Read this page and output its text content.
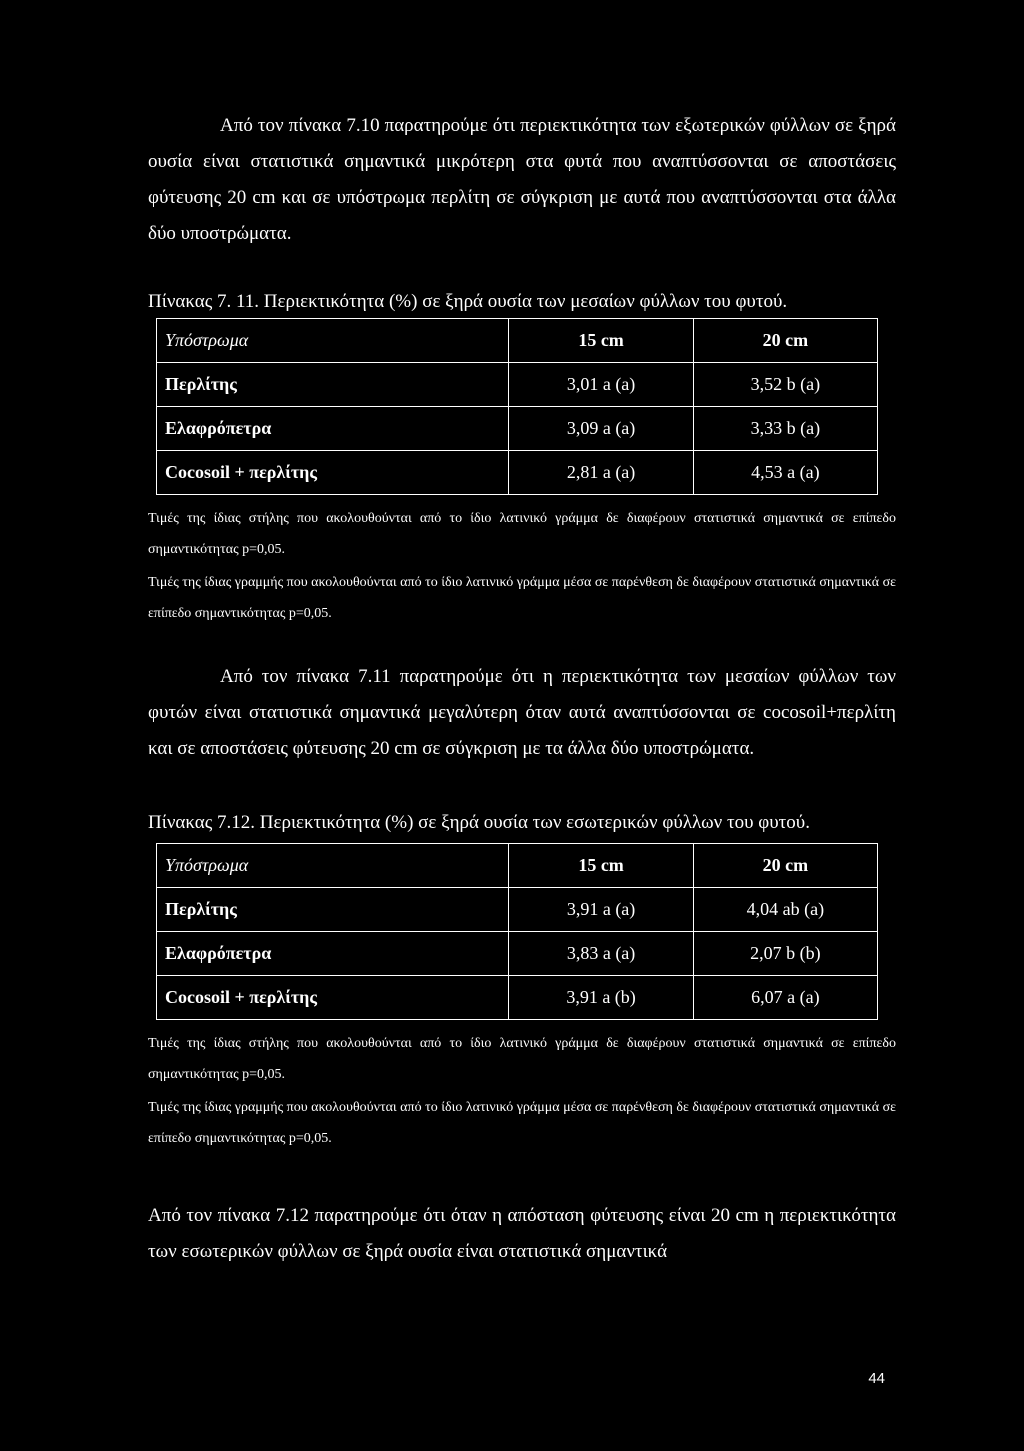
Από τον πίνακα 7.10 παρατηρούμε ότι περιεκτικότητα των εξωτερικών φύλλων σε ξηρά ουσία είναι στατιστικά σημαντικά μικρότερη στα φυτά που αναπτύσσονται σε αποστάσεις φύτευσης 20 cm και σε υπόστρωμα περλίτη σε σύγκριση με αυτά που αναπτύσσονται στα άλλα δύο υποστρώματα.

Πίνακας 7. 11. Περιεκτικότητα (%) σε ξηρά ουσία των μεσαίων φύλλων του φυτού.

Υπόστρωμα	15 cm	20 cm
Περλίτης	3,01 a (a)	3,52 b (a)
Ελαφρόπετρα	3,09 a (a)	3,33 b (a)
Cocosoil + περλίτης	2,81 a (a)	4,53 a (a)

Τιμές της ίδιας στήλης που ακολουθούνται από το ίδιο λατινικό γράμμα δε διαφέρουν στατιστικά σημαντικά σε επίπεδο σημαντικότητας p=0,05.

Τιμές της ίδιας γραμμής που ακολουθούνται από το ίδιο λατινικό γράμμα μέσα σε παρένθεση δε διαφέρουν στατιστικά σημαντικά σε επίπεδο σημαντικότητας p=0,05.

Από τον πίνακα 7.11 παρατηρούμε ότι η περιεκτικότητα των μεσαίων φύλλων των φυτών είναι στατιστικά σημαντικά μεγαλύτερη όταν αυτά αναπτύσσονται σε cocosoil+περλίτη και σε αποστάσεις φύτευσης 20 cm σε σύγκριση με τα άλλα δύο υποστρώματα.

Πίνακας 7.12. Περιεκτικότητα (%) σε ξηρά ουσία των εσωτερικών φύλλων του φυτού.

Υπόστρωμα	15 cm	20 cm
Περλίτης	3,91 a (a)	4,04 ab (a)
Ελαφρόπετρα	3,83 a (a)	2,07 b (b)
Cocosoil + περλίτης	3,91 a (b)	6,07 a (a)

Τιμές της ίδιας στήλης που ακολουθούνται από το ίδιο λατινικό γράμμα δε διαφέρουν στατιστικά σημαντικά σε επίπεδο σημαντικότητας p=0,05.

Τιμές της ίδιας γραμμής που ακολουθούνται από το ίδιο λατινικό γράμμα μέσα σε παρένθεση δε διαφέρουν στατιστικά σημαντικά σε επίπεδο σημαντικότητας p=0,05.

Από τον πίνακα 7.12 παρατηρούμε ότι όταν η απόσταση φύτευσης είναι 20 cm η περιεκτικότητα των εσωτερικών φύλλων σε ξηρά ουσία είναι στατιστικά σημαντικά

44
